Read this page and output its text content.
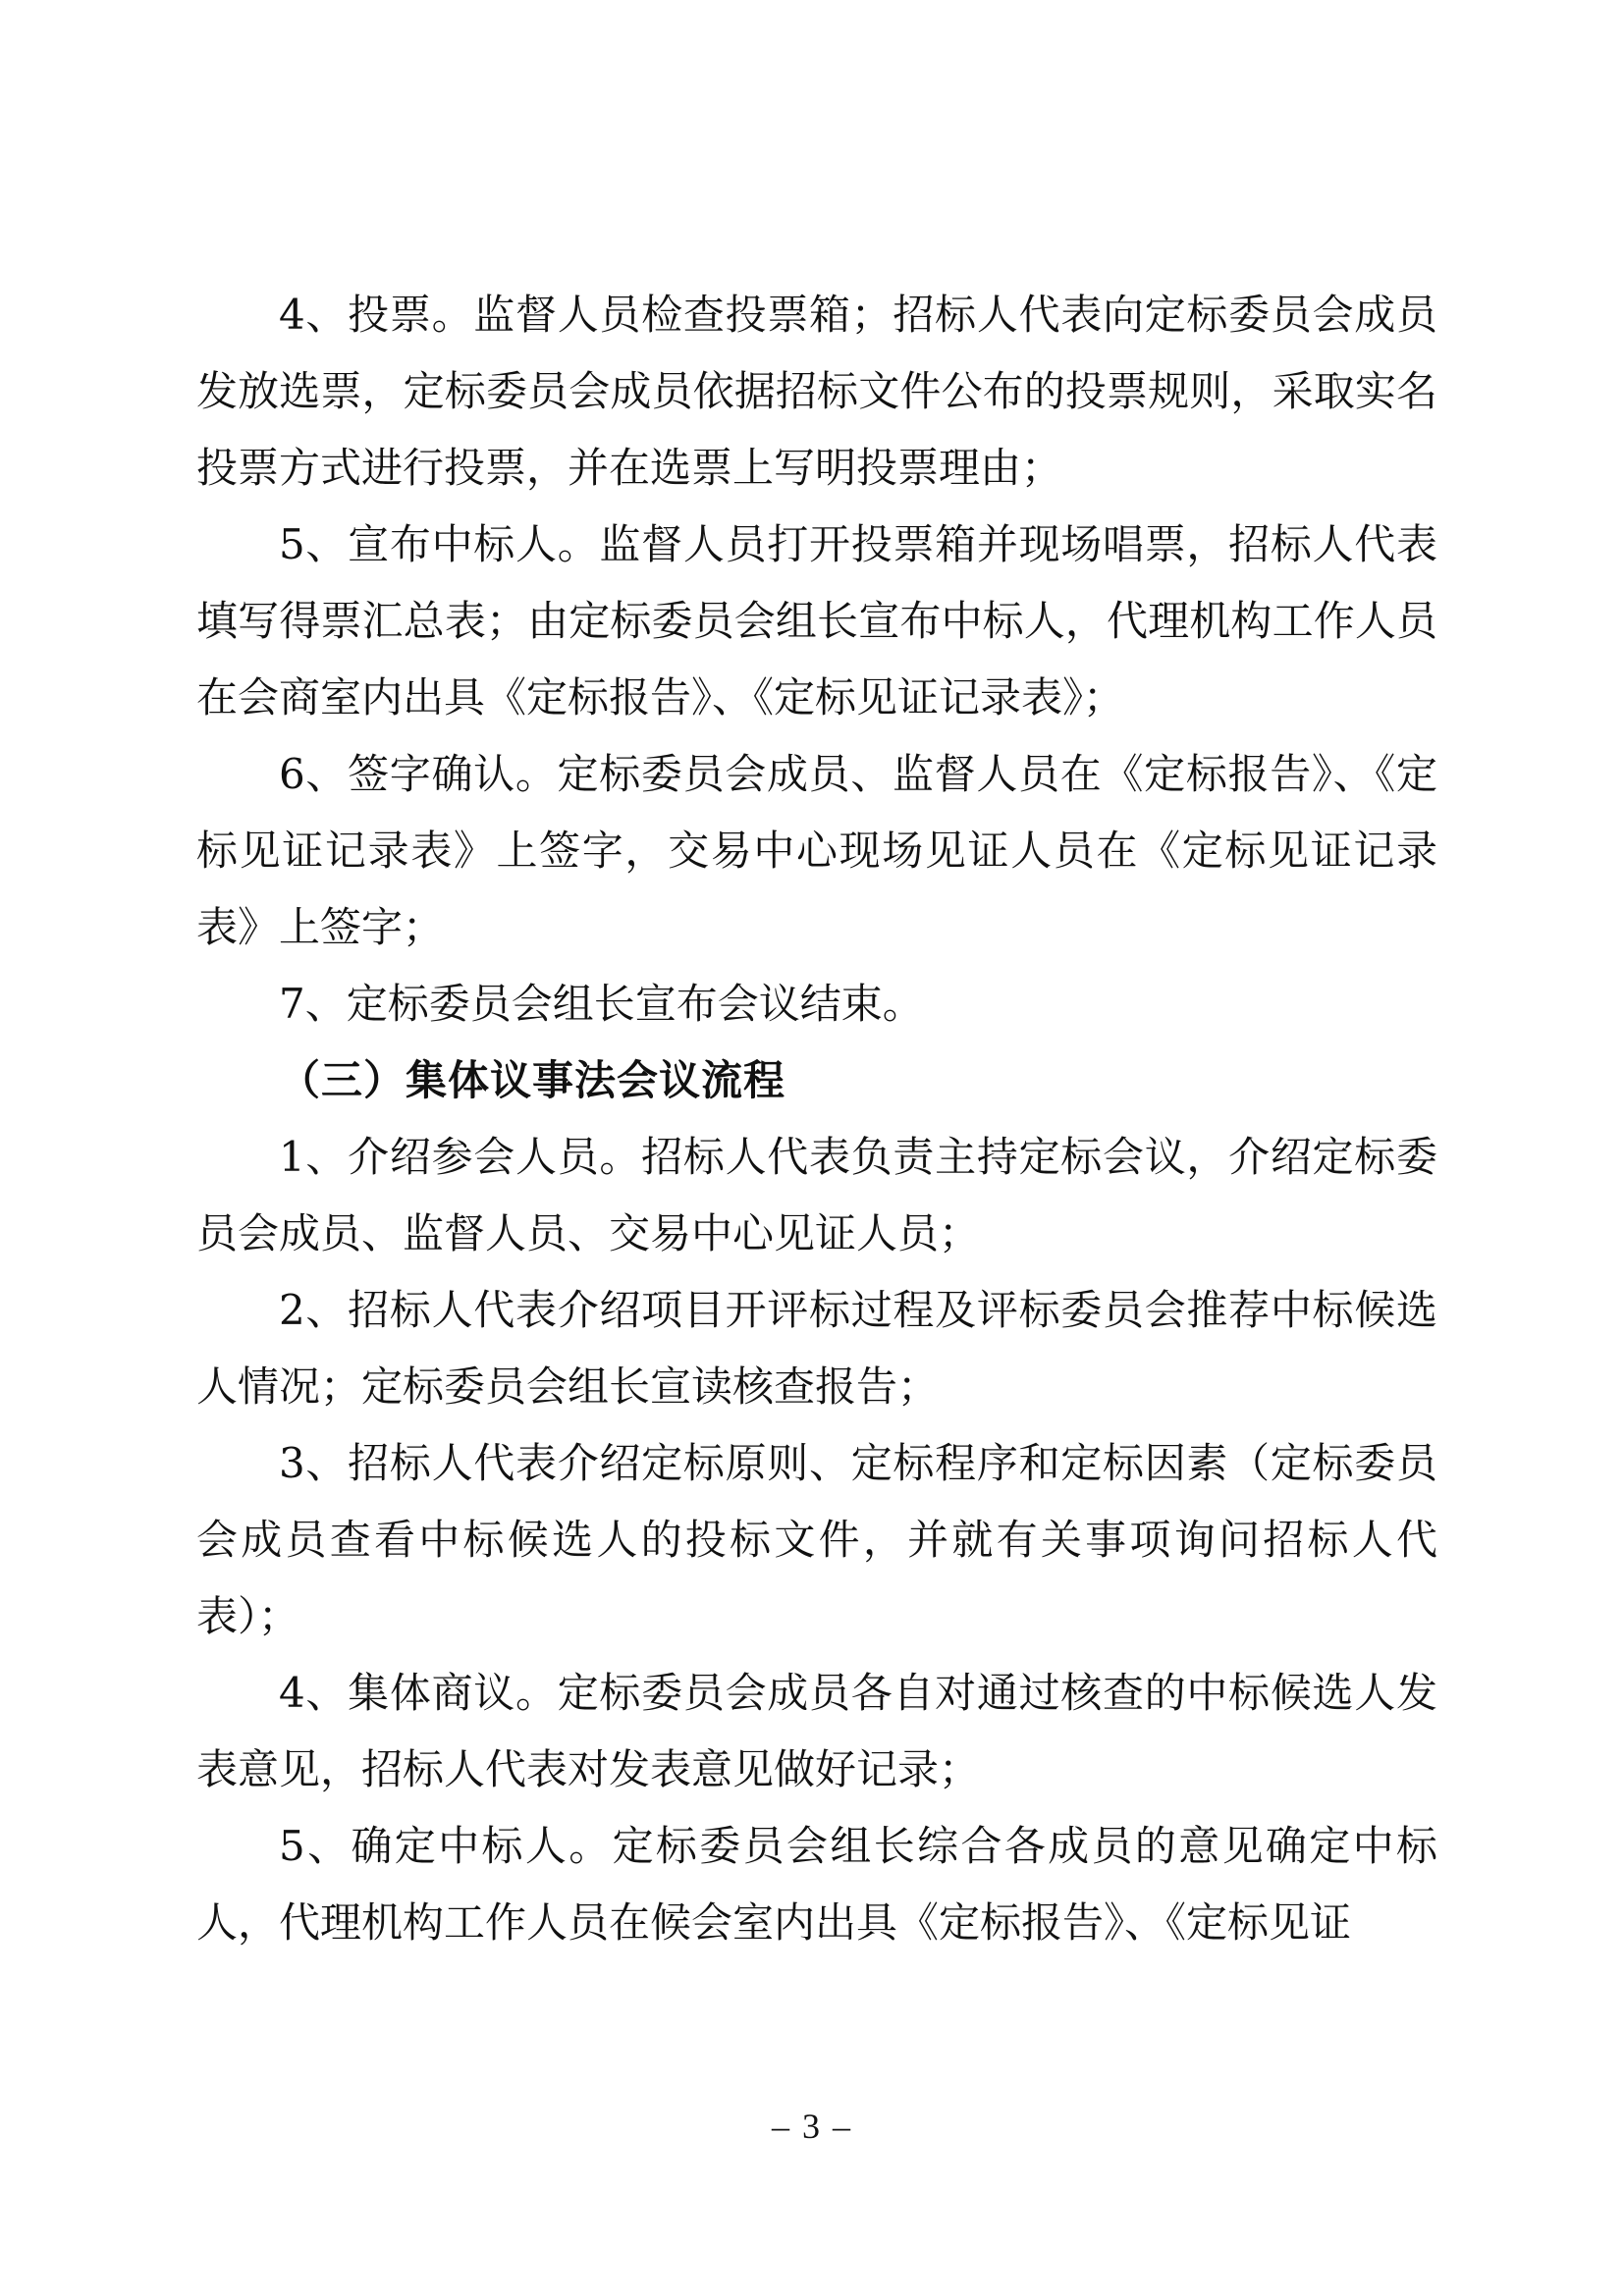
4、投票。监督人员检查投票箱；招标人代表向定标委员会成员发放选票，定标委员会成员依据招标文件公布的投票规则，采取实名投票方式进行投票，并在选票上写明投票理由；

5、宣布中标人。监督人员打开投票箱并现场唱票，招标人代表填写得票汇总表；由定标委员会组长宣布中标人，代理机构工作人员在会商室内出具《定标报告》、《定标见证记录表》；

6、签字确认。定标委员会成员、监督人员在《定标报告》、《定标见证记录表》上签字，交易中心现场见证人员在《定标见证记录表》上签字；

7、定标委员会组长宣布会议结束。

（三）集体议事法会议流程

1、介绍参会人员。招标人代表负责主持定标会议，介绍定标委员会成员、监督人员、交易中心见证人员；

2、招标人代表介绍项目开评标过程及评标委员会推荐中标候选人情况；定标委员会组长宣读核查报告；

3、招标人代表介绍定标原则、定标程序和定标因素（定标委员会成员查看中标候选人的投标文件，并就有关事项询问招标人代表）；

4、集体商议。定标委员会成员各自对通过核查的中标候选人发表意见，招标人代表对发表意见做好记录；

5、确定中标人。定标委员会组长综合各成员的意见确定中标人，代理机构工作人员在候会室内出具《定标报告》、《定标见证

– 3 –
